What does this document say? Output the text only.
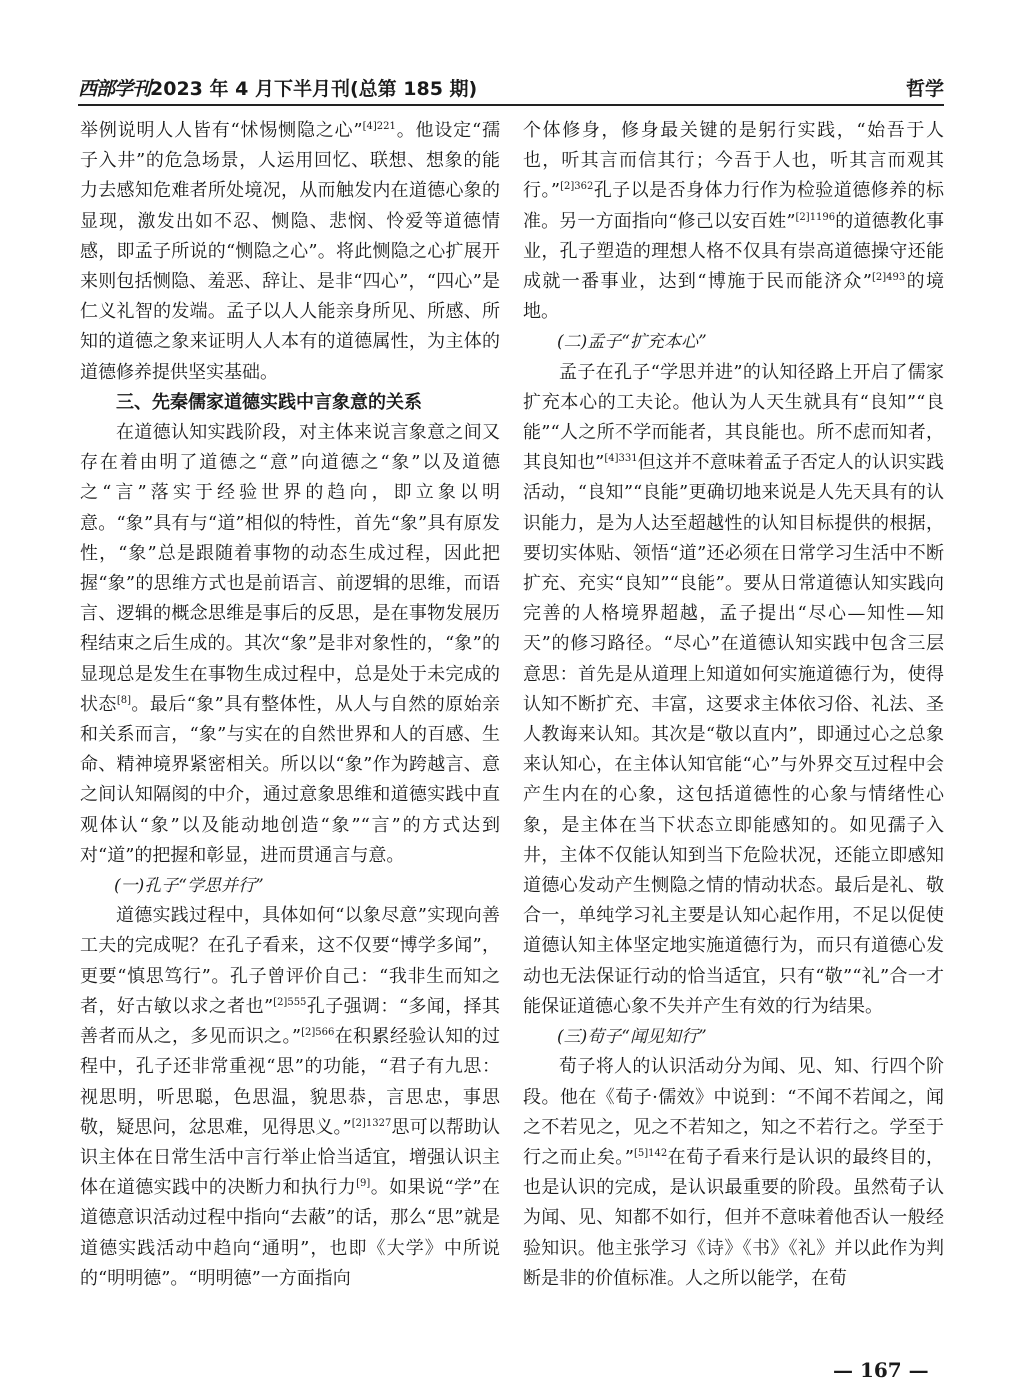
西部学刊2023 年 4 月下半月刊(总第 185 期)	哲学

举例说明人人皆有“怵惕恻隐之心”$^{[4]221}$。他设定“孺子入井”的危急场景，人运用回忆、联想、想象的能力去感知危难者所处境况，从而触发内在道德心象的显现，激发出如不忍、恻隐、悲悯、怜爱等道德情感，即孟子所说的“恻隐之心”。将此恻隐之心扩展开来则包括恻隐、羞恶、辞让、是非“四心”，“四心”是仁义礼智的发端。孟子以人人能亲身所见、所感、所知的道德之象来证明人人本有的道德属性，为主体的道德修养提供坚实基础。

三、先秦儒家道德实践中言象意的关系

在道德认知实践阶段，对主体来说言象意之间又存在着由明了道德之“意”向道德之“象”以及道德之“言”落实于经验世界的趋向，即立象以明意。“象”具有与“道”相似的特性，首先“象”具有原发性，“象”总是跟随着事物的动态生成过程，因此把握“象”的思维方式也是前语言、前逻辑的思维，而语言、逻辑的概念思维是事后的反思，是在事物发展历程结束之后生成的。其次“象”是非对象性的，“象”的显现总是发生在事物生成过程中，总是处于未完成的状态[8]。最后“象”具有整体性，从人与自然的原始亲和关系而言，“象”与实在的自然世界和人的百感、生命、精神境界紧密相关。所以以“象”作为跨越言、意之间认知隔阂的中介，通过意象思维和道德实践中直观体认“象”以及能动地创造“象”“言”的方式达到对“道”的把握和彰显，进而贯通言与意。

(一)孔子“学思并行”

道德实践过程中，具体如何“以象尽意”实现向善工夫的完成呢？在孔子看来，这不仅要“博学多闻”，更要“慎思笃行”。孔子曾评价自己：“我非生而知之者，好古敏以求之者也”$^{[2]555}$孔子强调：“多闻，择其善者而从之，多见而识之。”$^{[2]566}$在积累经验认知的过程中，孔子还非常重视“思”的功能，“君子有九思：视思明，听思聪，色思温，貌思恭，言思忠，事思敬，疑思问，忿思难，见得思义。”$^{[2]1327}$思可以帮助认识主体在日常生活中言行举止恰当适宜，增强认识主体在道德实践中的决断力和执行力[9]。如果说“学”在道德意识活动过程中指向“去蔽”的话，那么“思”就是道德实践活动中趋向“通明”，也即《大学》中所说的“明明德”。“明明德”一方面指向

个体修身，修身最关键的是躬行实践，“始吾于人也，听其言而信其行；今吾于人也，听其言而观其行。”$^{[2]362}$孔子以是否身体力行作为检验道德修养的标准。另一方面指向“修己以安百姓”$^{[2]1196}$的道德教化事业，孔子塑造的理想人格不仅具有崇高道德操守还能成就一番事业，达到“博施于民而能济众”$^{[2]493}$的境地。

(二)孟子“扩充本心”

孟子在孔子“学思并进”的认知径路上开启了儒家扩充本心的工夫论。他认为人天生就具有“良知”“良能”“人之所不学而能者，其良能也。所不虑而知者，其良知也”$^{[4]331}$但这并不意味着孟子否定人的认识实践活动，“良知”“良能”更确切地来说是人先天具有的认识能力，是为人达至超越性的认知目标提供的根据，要切实体贴、领悟“道”还必须在日常学习生活中不断扩充、充实“良知”“良能”。要从日常道德认知实践向完善的人格境界超越，孟子提出“尽心—知性—知天”的修习路径。“尽心”在道德认知实践中包含三层意思：首先是从道理上知道如何实施道德行为，使得认知不断扩充、丰富，这要求主体依习俗、礼法、圣人教诲来认知。其次是“敬以直内”，即通过心之总象来认知心，在主体认知官能“心”与外界交互过程中会产生内在的心象，这包括道德性的心象与情绪性心象，是主体在当下状态立即能感知的。如见孺子入井，主体不仅能认知到当下危险状况，还能立即感知道德心发动产生恻隐之情的情动状态。最后是礼、敬合一，单纯学习礼主要是认知心起作用，不足以促使道德认知主体坚定地实施道德行为，而只有道德心发动也无法保证行动的恰当适宜，只有“敬”“礼”合一才能保证道德心象不失并产生有效的行为结果。

(三)荀子“闻见知行”

荀子将人的认识活动分为闻、见、知、行四个阶段。他在《荀子·儒效》中说到：“不闻不若闻之，闻之不若见之，见之不若知之，知之不若行之。学至于行之而止矣。”$^{[5]142}$在荀子看来行是认识的最终目的，也是认识的完成，是认识最重要的阶段。虽然荀子认为闻、见、知都不如行，但并不意味着他否认一般经验知识。他主张学习《诗》《书》《礼》并以此作为判断是非的价值标准。人之所以能学，在荀

— 167 —
